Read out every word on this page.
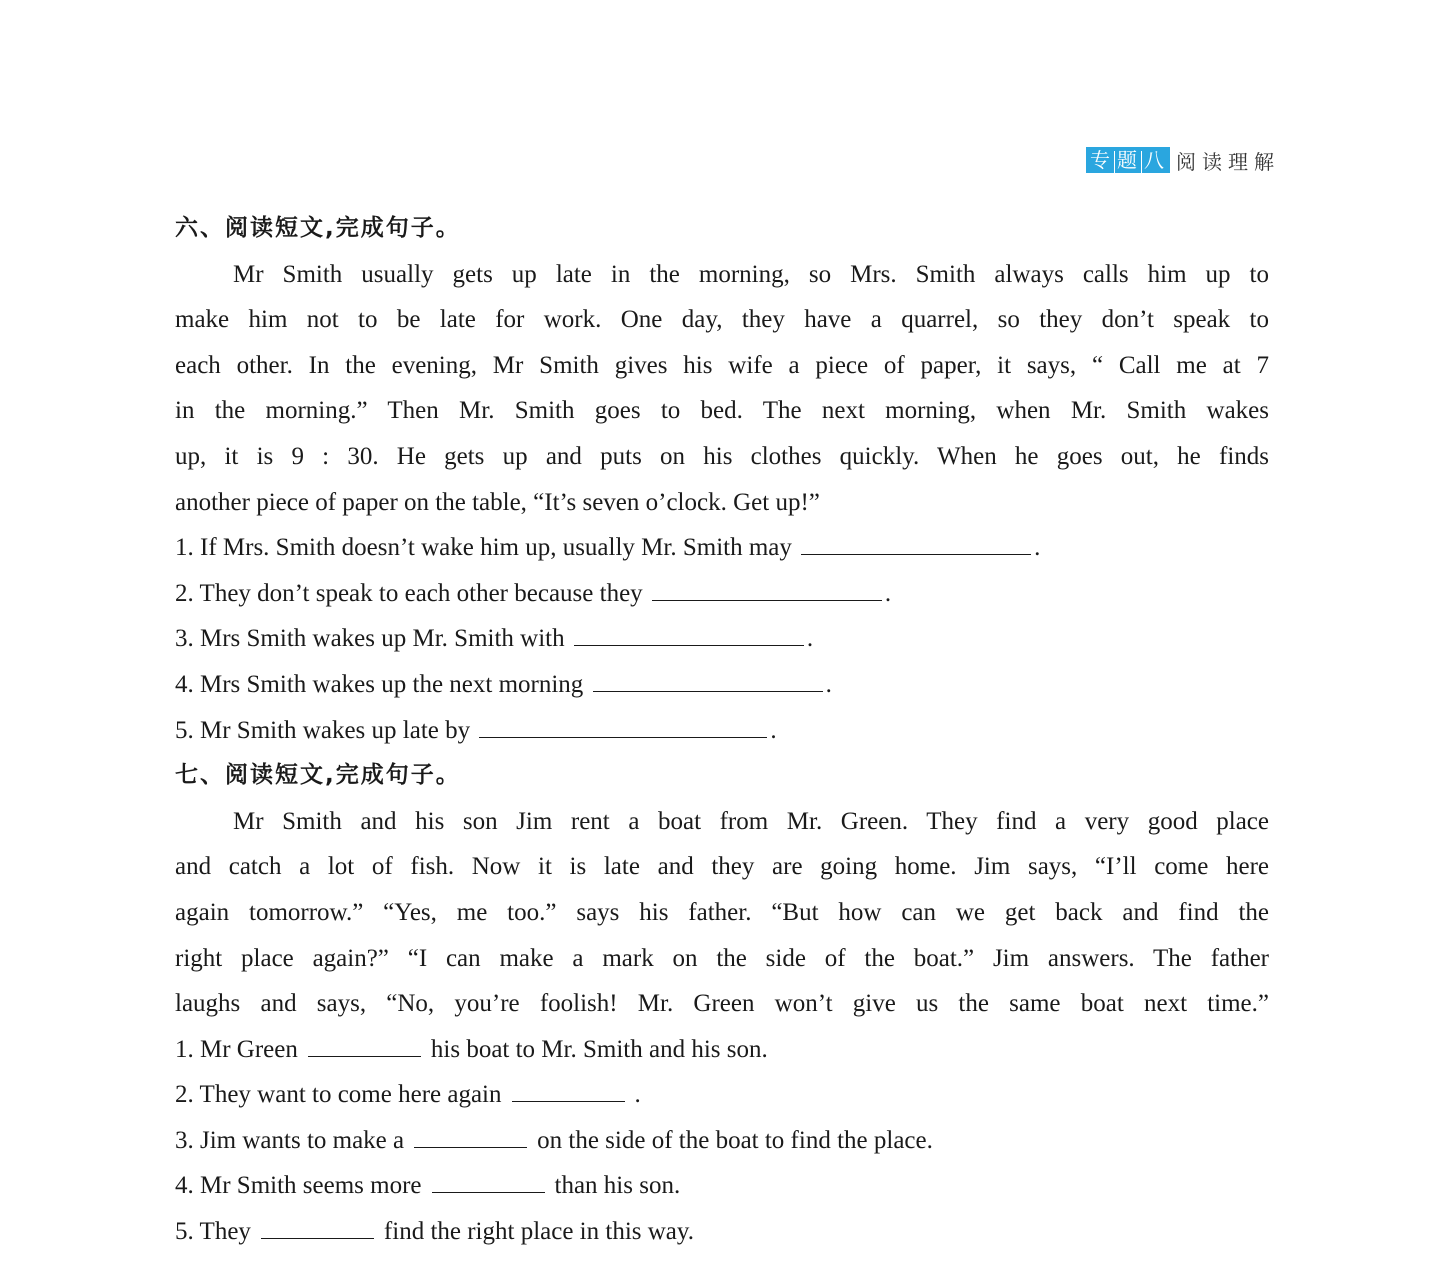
专 题 八 阅读理解
六、阅读短文,完成句子。
Mr Smith usually gets up late in the morning, so Mrs. Smith always calls him up to
make him not to be late for work. One day, they have a quarrel, so they don’t speak to
each other. In the evening, Mr Smith gives his wife a piece of paper, it says, “ Call me at 7
in the morning.” Then Mr. Smith goes to bed. The next morning, when Mr. Smith wakes
up, it is 9 : 30. He gets up and puts on his clothes quickly. When he goes out, he finds
another piece of paper on the table, “It’s seven o’clock. Get up!”
1. If Mrs. Smith doesn’t wake him up, usually Mr. Smith may	.
2. They don’t speak to each other because they	.
3. Mrs Smith wakes up Mr. Smith with	.
4. Mrs Smith wakes up the next morning	.
5. Mr Smith wakes up late by	.
七、阅读短文,完成句子。
Mr Smith and his son Jim rent a boat from Mr. Green. They find a very good place
and catch a lot of fish. Now it is late and they are going home. Jim says, “I’ll come here
again tomorrow.” “Yes, me too.” says his father. “But how can we get back and find the
right place again?” “I can make a mark on the side of the boat.” Jim answers. The father
laughs and says, “No, you’re foolish! Mr. Green won’t give us the same boat next time.”
1. Mr Green	his boat to Mr. Smith and his son.
2. They want to come here again	.
3. Jim wants to make a	on the side of the boat to find the place.
4. Mr Smith seems more	than his son.
5. They	find the right place in this way.
